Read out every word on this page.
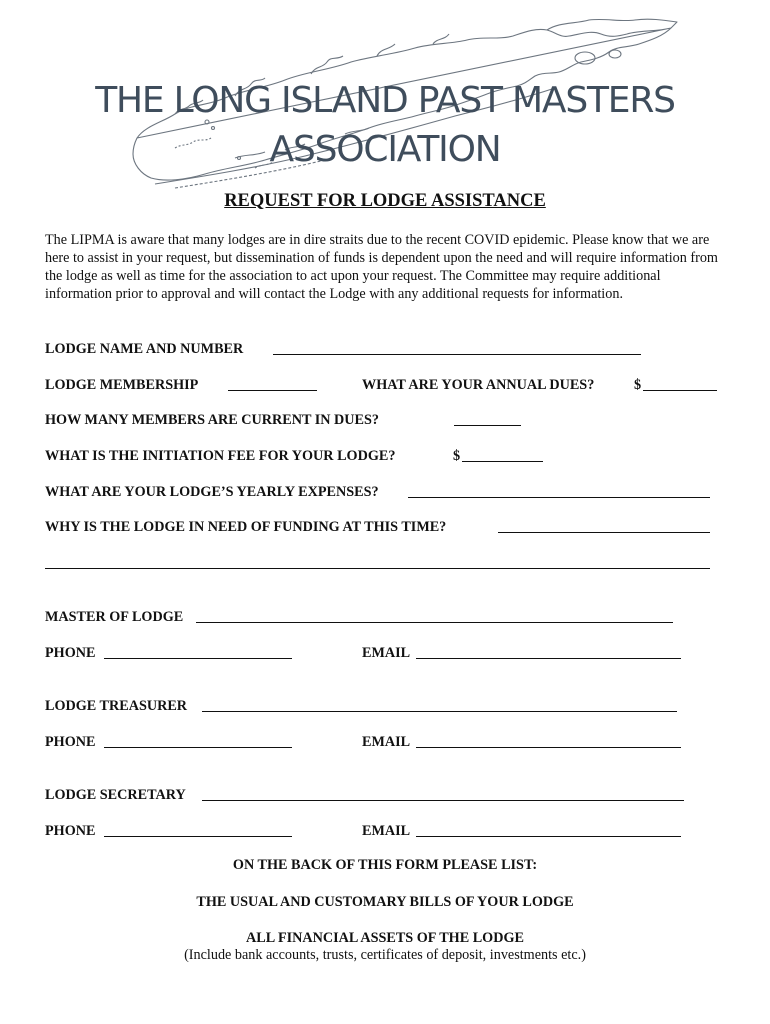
THE LONG ISLAND PAST MASTERS
ASSOCIATION
REQUEST FOR LODGE ASSISTANCE

The LIPMA is aware that many lodges are in dire straits due to the recent COVID epidemic. Please know that we are here to assist in your request, but dissemination of funds is dependent upon the need and will require information from the lodge as well as time for the association to act upon your request. The Committee may require additional information prior to approval and will contact the Lodge with any additional requests for information.

LODGE NAME AND NUMBER
LODGE MEMBERSHIP	WHAT ARE YOUR ANNUAL DUES?	$
HOW MANY MEMBERS ARE CURRENT IN DUES?
WHAT IS THE INITIATION FEE FOR YOUR LODGE?	$
WHAT ARE YOUR LODGE’S YEARLY EXPENSES?
WHY IS THE LODGE IN NEED OF FUNDING AT THIS TIME?
MASTER OF LODGE
PHONE	EMAIL
LODGE TREASURER
PHONE	EMAIL
LODGE SECRETARY
PHONE	EMAIL
ON THE BACK OF THIS FORM PLEASE LIST:
THE USUAL AND CUSTOMARY BILLS OF YOUR LODGE
ALL FINANCIAL ASSETS OF THE LODGE
(Include bank accounts, trusts, certificates of deposit, investments etc.)
